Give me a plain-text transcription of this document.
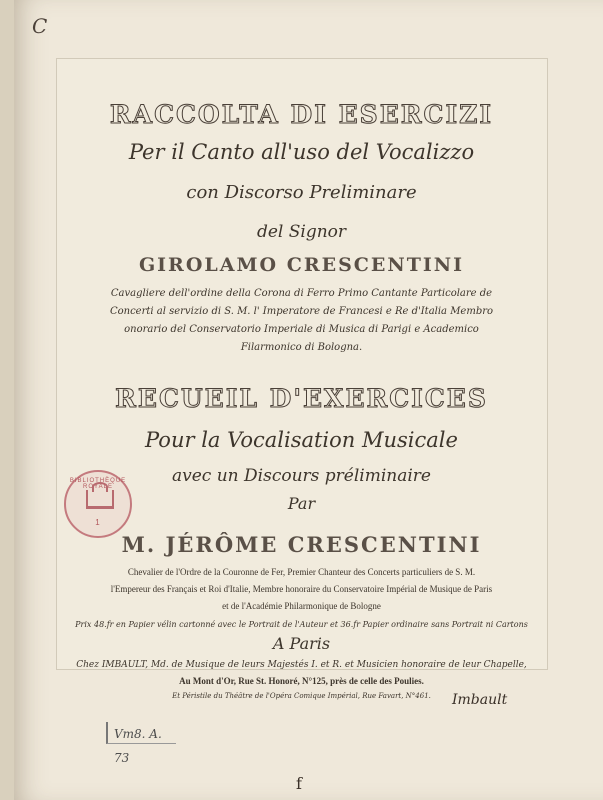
C
RACCOLTA DI ESERCIZI
Per il Canto all'uso del Vocalizzo
con Discorso Preliminare
del Signor
GIROLAMO CRESCENTINI
Cavagliere dell'ordine della Corona di Ferro Primo Cantante Particolare de
Concerti al servizio di S. M. l' Imperatore de Francesi e Re d'Italia Membro
onorario del Conservatorio Imperiale di Musica di Parigi e Academico
Filarmonico di Bologna.
RECUEIL D'EXERCICES
Pour la Vocalisation Musicale
avec un Discours préliminaire
Par
M. JÉRÔME CRESCENTINI
Chevalier de l'Ordre de la Couronne de Fer, Premier Chanteur des Concerts particuliers de S. M.
l'Empereur des Français et Roi d'Italie, Membre honoraire du Conservatoire Impérial de Musique de Paris
et de l'Académie Philarmonique de Bologne
Prix 48.fr en Papier vélin cartonné avec le Portrait de l'Auteur et 36.fr Papier ordinaire sans Portrait ni Cartons
A Paris
Chez IMBAULT, Md. de Musique de leurs Majestés I. et R. et Musicien honoraire de leur Chapelle,
Au Mont d'Or, Rue St. Honoré, N°125, près de celle des Poulies.
Et Péristile du Théâtre de l'Opéra Comique Impérial, Rue Favart, N°461.
BIBLIOTHÈQUE ROYALE
1
Vm8. A. 73
Imbault
f
